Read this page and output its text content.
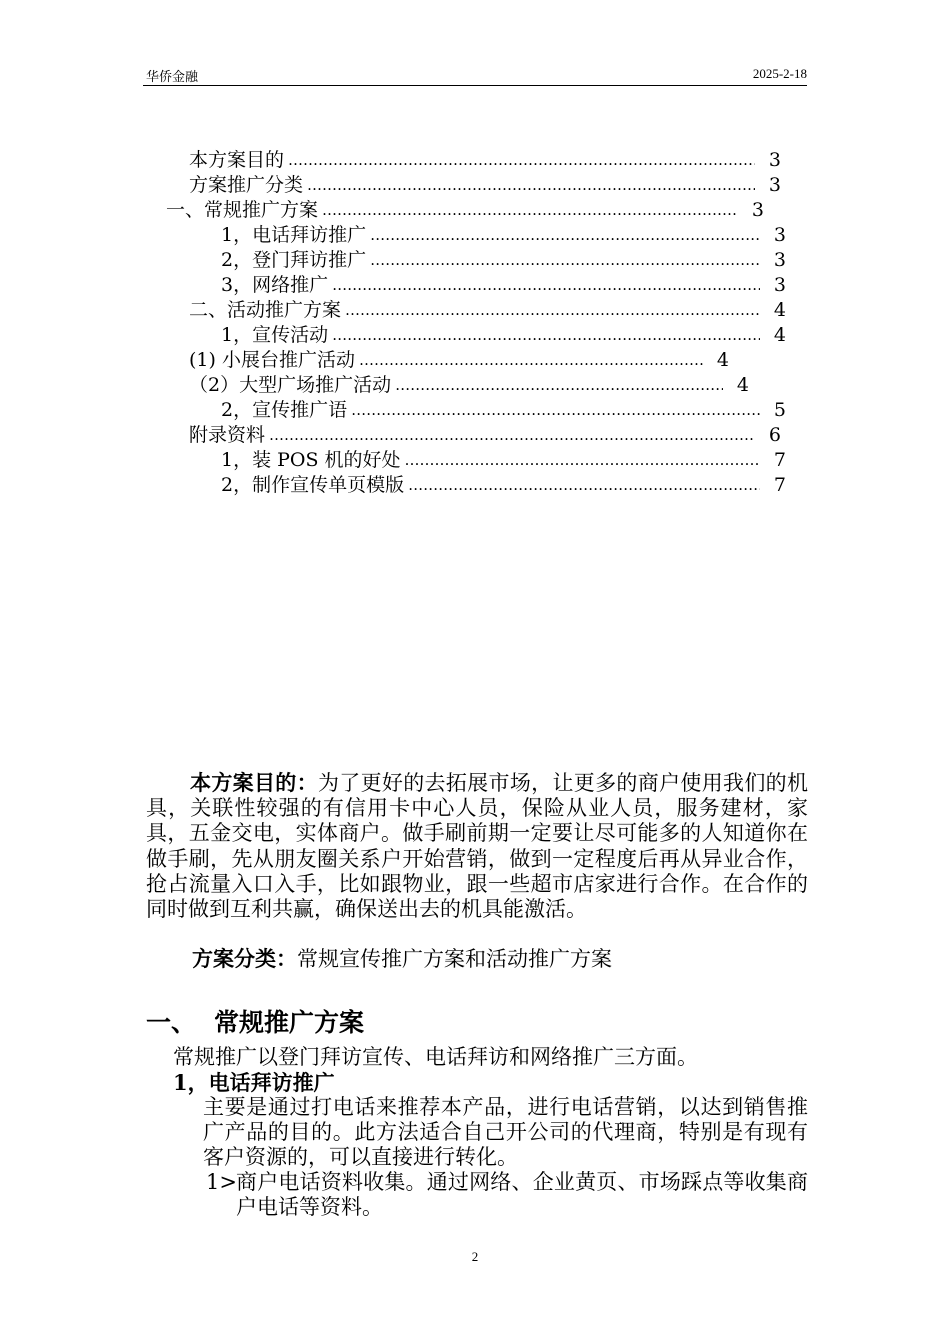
华侨金融	2025-2-18
本方案目的 ………………………………………………………………………………………………………………………………………………	3
方案推广分类 ………………………………………………………………………………………………………………………………………………	3
一、常规推广方案 ………………………………………………………………………………………………………………………………………………	3
1，电话拜访推广 ………………………………………………………………………………………………………………………………………………	3
2，登门拜访推广 ………………………………………………………………………………………………………………………………………………	3
3，网络推广 ………………………………………………………………………………………………………………………………………………	3
二、活动推广方案 ………………………………………………………………………………………………………………………………………………	4
1，宣传活动 ………………………………………………………………………………………………………………………………………………	4
(1) 小展台推广活动 ………………………………………………………………………………………………………………………………………………	4
（2）大型广场推广活动 ………………………………………………………………………………………………………………………………………………	4
2，宣传推广语 ………………………………………………………………………………………………………………………………………………	5
附录资料 ………………………………………………………………………………………………………………………………………………	6
1，装 POS 机的好处 ………………………………………………………………………………………………………………………………………………	7
2，制作宣传单页模版 ………………………………………………………………………………………………………………………………………………	7
本方案目的：为了更好的去拓展市场，让更多的商户使用我们的机具，关联性较强的有信用卡中心人员，保险从业人员，服务建材，家具，五金交电，实体商户。做手刷前期一定要让尽可能多的人知道你在做手刷，先从朋友圈关系户开始营销，做到一定程度后再从异业合作，抢占流量入口入手，比如跟物业，跟一些超市店家进行合作。在合作的同时做到互利共赢，确保送出去的机具能激活。
方案分类：常规宣传推广方案和活动推广方案
一、 常规推广方案
常规推广以登门拜访宣传、电话拜访和网络推广三方面。
1，电话拜访推广
主要是通过打电话来推荐本产品，进行电话营销，以达到销售推广产品的目的。此方法适合自己开公司的代理商，特别是有现有客户资源的，可以直接进行转化。
1> 商户电话资料收集。通过网络、企业黄页、市场踩点等收集商户电话等资料。
2
